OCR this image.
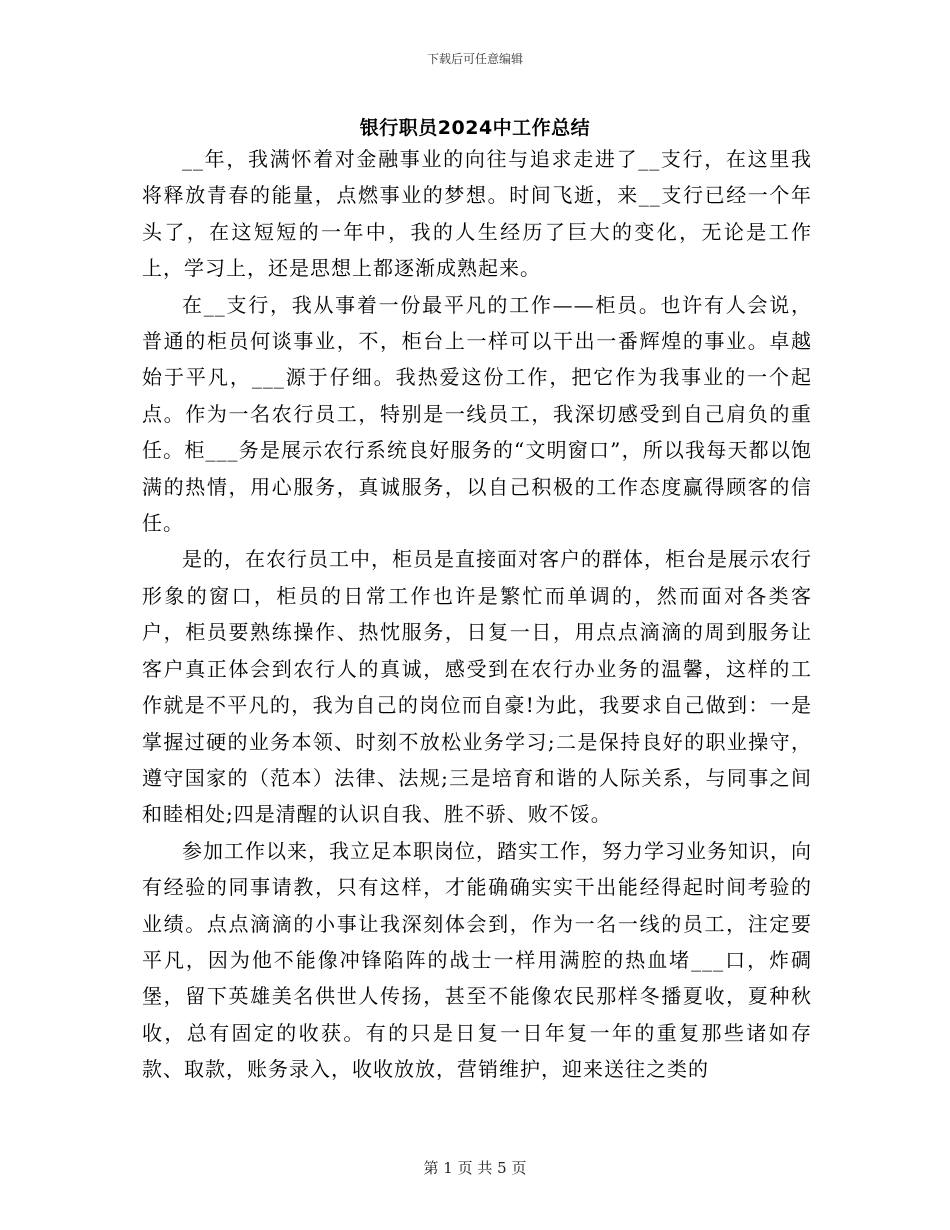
下载后可任意编辑
银行职员2024中工作总结

__年，我满怀着对金融事业的向往与追求走进了__支行，在这里我将释放青春的能量，点燃事业的梦想。时间飞逝，来__支行已经一个年头了，在这短短的一年中，我的人生经历了巨大的变化，无论是工作上，学习上，还是思想上都逐渐成熟起来。

在__支行，我从事着一份最平凡的工作——柜员。也许有人会说，普通的柜员何谈事业，不，柜台上一样可以干出一番辉煌的事业。卓越始于平凡，___源于仔细。我热爱这份工作，把它作为我事业的一个起点。作为一名农行员工，特别是一线员工，我深切感受到自己肩负的重任。柜___务是展示农行系统良好服务的“文明窗口”，所以我每天都以饱满的热情，用心服务，真诚服务，以自己积极的工作态度赢得顾客的信任。

是的，在农行员工中，柜员是直接面对客户的群体，柜台是展示农行形象的窗口，柜员的日常工作也许是繁忙而单调的，然而面对各类客户，柜员要熟练操作、热忱服务，日复一日，用点点滴滴的周到服务让客户真正体会到农行人的真诚，感受到在农行办业务的温馨，这样的工作就是不平凡的，我为自己的岗位而自豪!为此，我要求自己做到：一是掌握过硬的业务本领、时刻不放松业务学习;二是保持良好的职业操守，遵守国家的（范本）法律、法规;三是培育和谐的人际关系，与同事之间和睦相处;四是清醒的认识自我、胜不骄、败不馁。

参加工作以来，我立足本职岗位，踏实工作，努力学习业务知识，向有经验的同事请教，只有这样，才能确确实实干出能经得起时间考验的业绩。点点滴滴的小事让我深刻体会到，作为一名一线的员工，注定要平凡，因为他不能像冲锋陷阵的战士一样用满腔的热血堵___口，炸碉堡，留下英雄美名供世人传扬，甚至不能像农民那样冬播夏收，夏种秋收，总有固定的收获。有的只是日复一日年复一年的重复那些诸如存款、取款，账务录入，收收放放，营销维护，迎来送往之类的

第 1 页 共 5 页
